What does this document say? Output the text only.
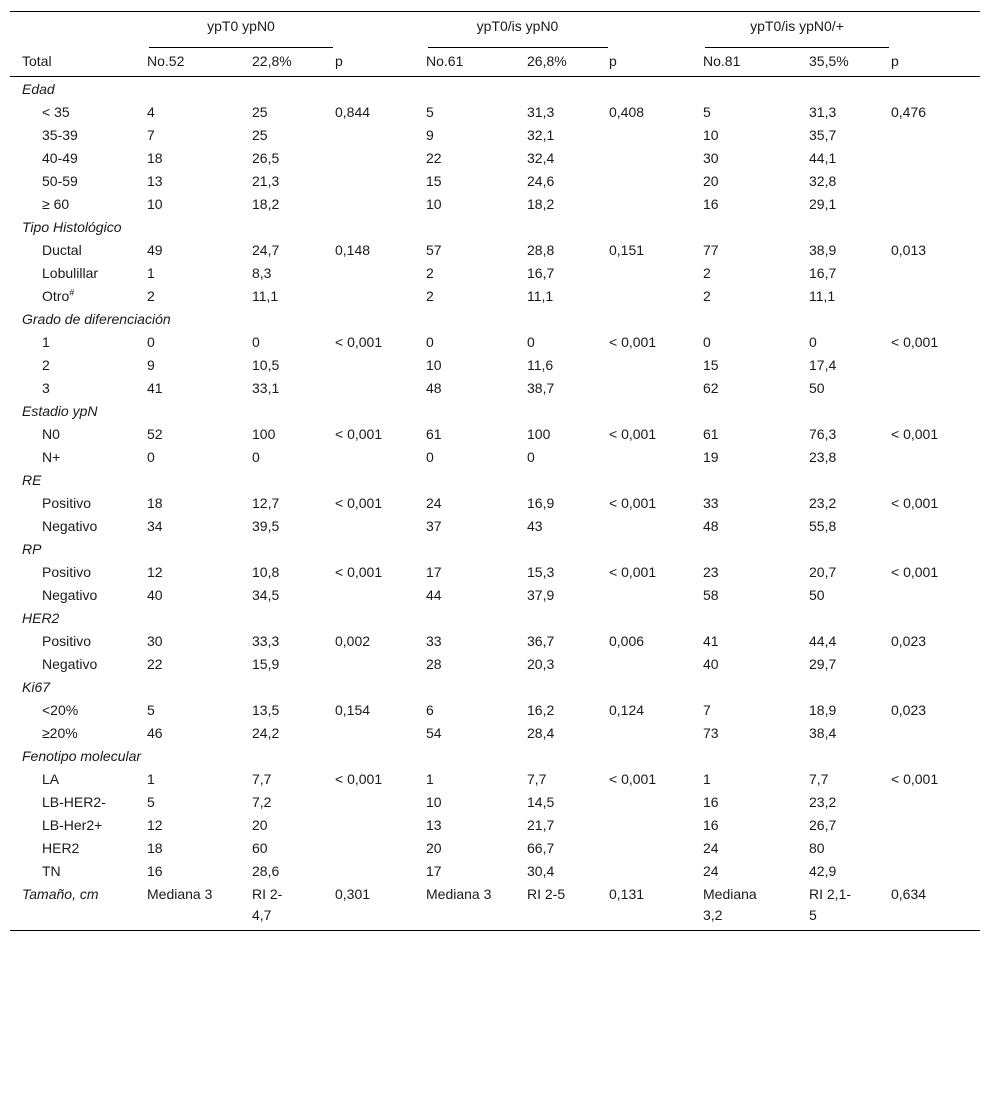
	ypT0 ypN0			ypT0/is ypN0			ypT0/is ypN0/+		
Total	No.52	22,8%	p	No.61	26,8%	p	No.81	35,5%	p
Edad									
< 35	4	25	0,844	5	31,3	0,408	5	31,3	0,476
35-39	7	25		9	32,1		10	35,7	
40-49	18	26,5		22	32,4		30	44,1	
50-59	13	21,3		15	24,6		20	32,8	
≥ 60	10	18,2		10	18,2		16	29,1	
Tipo Histológico									
Ductal	49	24,7	0,148	57	28,8	0,151	77	38,9	0,013
Lobulillar	1	8,3		2	16,7		2	16,7	
Otro#	2	11,1		2	11,1		2	11,1	
Grado de diferenciación									
1	0	0	< 0,001	0	0	< 0,001	0	0	< 0,001
2	9	10,5		10	11,6		15	17,4	
3	41	33,1		48	38,7		62	50	
Estadio ypN									
N0	52	100	< 0,001	61	100	< 0,001	61	76,3	< 0,001
N+	0	0		0	0		19	23,8	
RE									
Positivo	18	12,7	< 0,001	24	16,9	< 0,001	33	23,2	< 0,001
Negativo	34	39,5		37	43		48	55,8	
RP									
Positivo	12	10,8	< 0,001	17	15,3	< 0,001	23	20,7	< 0,001
Negativo	40	34,5		44	37,9		58	50	
HER2									
Positivo	30	33,3	0,002	33	36,7	0,006	41	44,4	0,023
Negativo	22	15,9		28	20,3		40	29,7	
Ki67									
<20%	5	13,5	0,154	6	16,2	0,124	7	18,9	0,023
≥20%	46	24,2		54	28,4		73	38,4	
Fenotipo molecular									
LA	1	7,7	< 0,001	1	7,7	< 0,001	1	7,7	< 0,001
LB-HER2-	5	7,2		10	14,5		16	23,2	
LB-Her2+	12	20		13	21,7		16	26,7	
HER2	18	60		20	66,7		24	80	
TN	16	28,6		17	30,4		24	42,9	
Tamaño, cm	Mediana 3	RI 2-4,7	0,301	Mediana 3	RI 2-5	0,131	Mediana 3,2	RI 2,1-5	0,634
